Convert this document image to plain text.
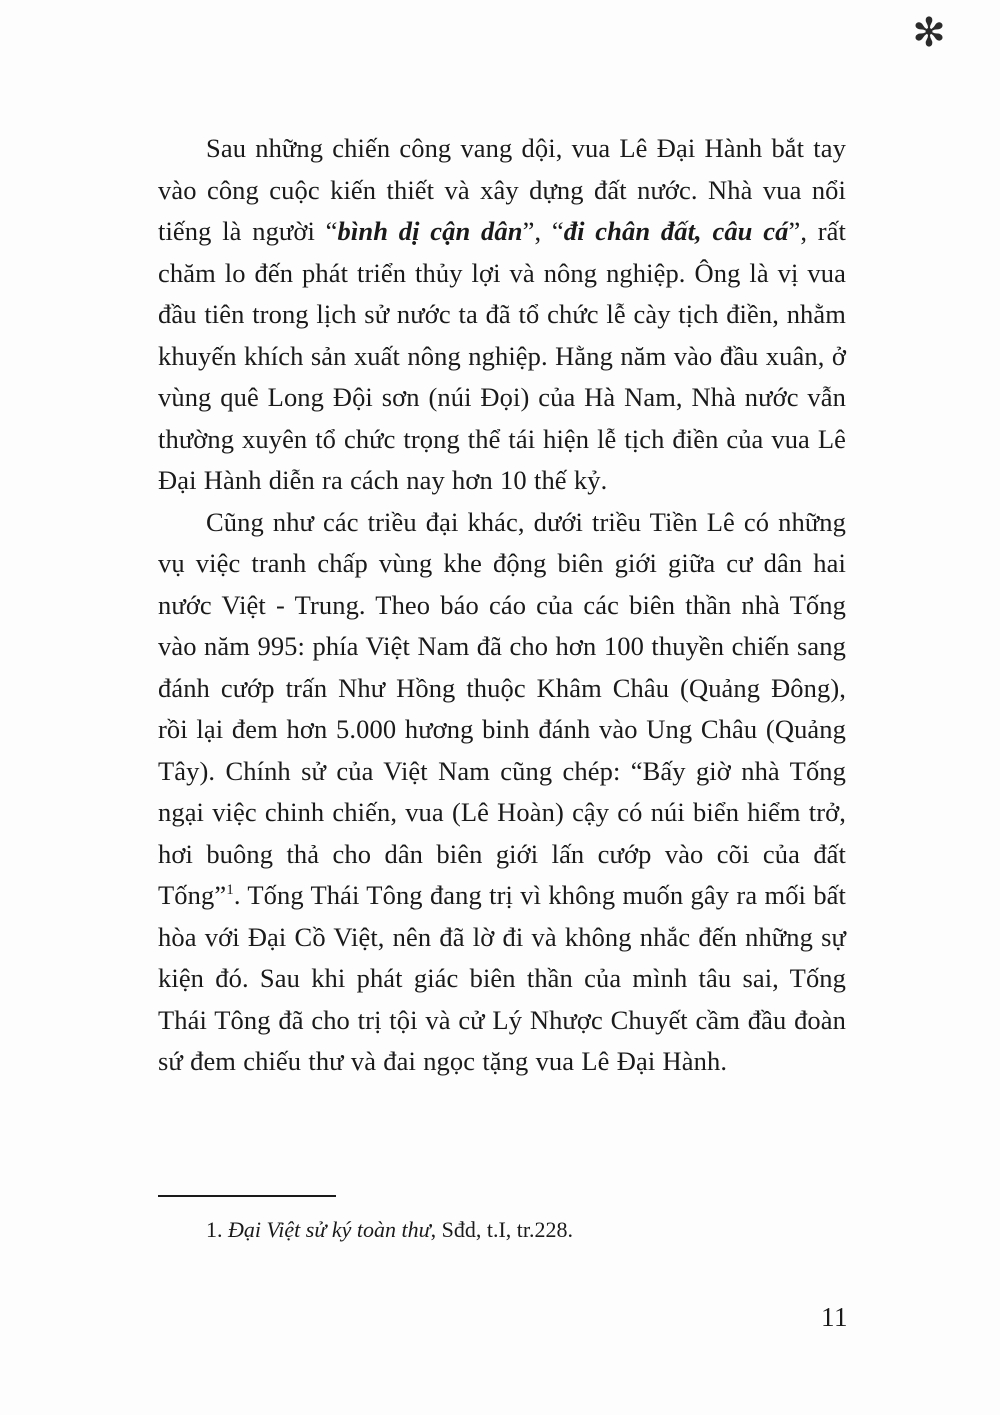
✻

Sau những chiến công vang dội, vua Lê Đại Hành bắt tay vào công cuộc kiến thiết và xây dựng đất nước. Nhà vua nổi tiếng là người “bình dị cận dân”, “đi chân đất, câu cá”, rất chăm lo đến phát triển thủy lợi và nông nghiệp. Ông là vị vua đầu tiên trong lịch sử nước ta đã tổ chức lễ cày tịch điền, nhằm khuyến khích sản xuất nông nghiệp. Hằng năm vào đầu xuân, ở vùng quê Long Đội sơn (núi Đọi) của Hà Nam, Nhà nước vẫn thường xuyên tổ chức trọng thể tái hiện lễ tịch điền của vua Lê Đại Hành diễn ra cách nay hơn 10 thế kỷ.

Cũng như các triều đại khác, dưới triều Tiền Lê có những vụ việc tranh chấp vùng khe động biên giới giữa cư dân hai nước Việt - Trung. Theo báo cáo của các biên thần nhà Tống vào năm 995: phía Việt Nam đã cho hơn 100 thuyền chiến sang đánh cướp trấn Như Hồng thuộc Khâm Châu (Quảng Đông), rồi lại đem hơn 5.000 hương binh đánh vào Ung Châu (Quảng Tây). Chính sử của Việt Nam cũng chép: “Bấy giờ nhà Tống ngại việc chinh chiến, vua (Lê Hoàn) cậy có núi biển hiểm trở, hơi buông thả cho dân biên giới lấn cướp vào cõi của đất Tống”$^1$. Tống Thái Tông đang trị vì không muốn gây ra mối bất hòa với Đại Cồ Việt, nên đã lờ đi và không nhắc đến những sự kiện đó. Sau khi phát giác biên thần của mình tâu sai, Tống Thái Tông đã cho trị tội và cử Lý Nhược Chuyết cầm đầu đoàn sứ đem chiếu thư và đai ngọc tặng vua Lê Đại Hành.

1. Đại Việt sử ký toàn thư, Sđd, t.I, tr.228.

11
